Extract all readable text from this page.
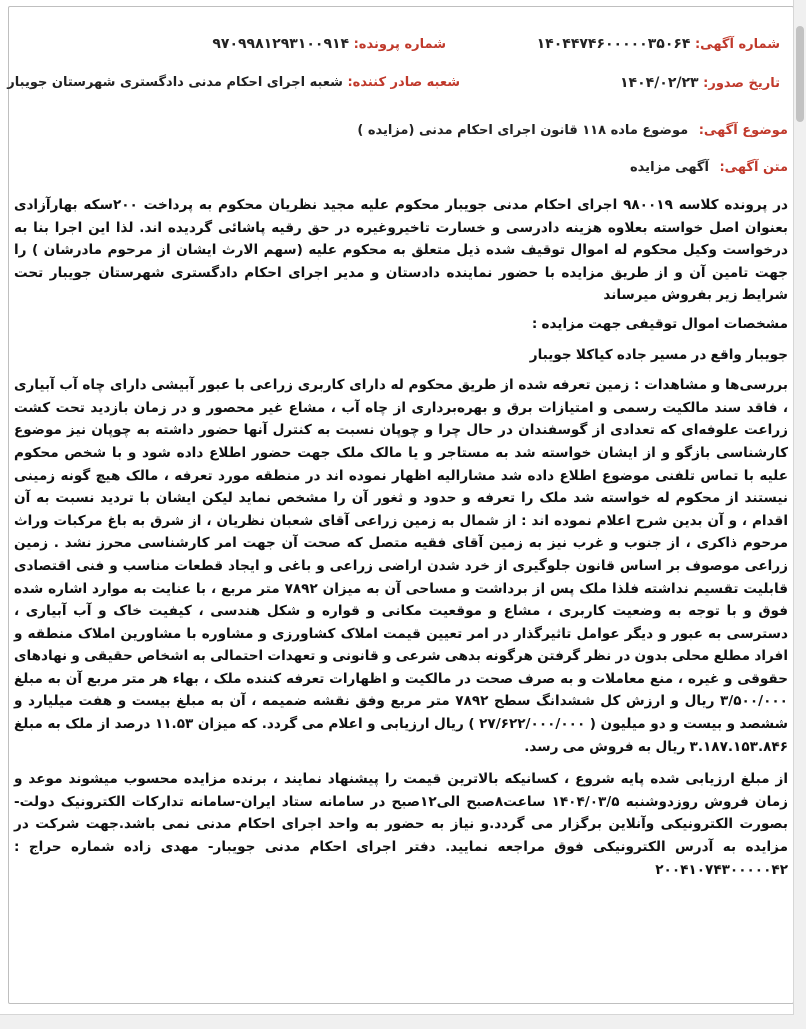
شماره آگهی: ۱۴۰۴۴۷۴۶۰۰۰۰۰۳۵۰۶۴
شماره پرونده: ۹۷۰۹۹۸۱۲۹۳۱۰۰۹۱۴
تاریخ صدور: ۱۴۰۴/۰۲/۲۳
شعبه صادر کننده: شعبه اجرای احکام مدنی دادگستری شهرستان جویبار
موضوع آگهی: موضوع ماده ۱۱۸ قانون اجرای احکام مدنی (مزایده )
متن آگهی: آگهی مزایده

در پرونده کلاسه ۹۸۰۰۱۹ اجرای احکام مدنی جویبار محکوم علیه مجید نظریان محکوم به پرداخت ۲۰۰سکه بهارآزادی بعنوان اصل خواسته بعلاوه هزینه دادرسی و خسارت تاخیروغیره در حق رقیه پاشائی گردیده اند. لذا این اجرا بنا به درخواست وکیل محکوم له اموال توقیف شده ذیل متعلق به محکوم علیه (سهم الارث ایشان از مرحوم مادرشان ) را جهت تامین آن و از طریق مزایده با حضور نماینده دادستان و مدیر اجرای احکام دادگستری شهرستان جویبار تحت شرایط زیر بفروش میرساند

مشخصات اموال توقیفی جهت مزایده :

جویبار واقع در مسیر جاده کیاکلا جویبار

بررسی‌ها و مشاهدات : زمین تعرفه شده از طریق محکوم له دارای کاربری زراعی با عبور آبیشی دارای چاه آب آبیاری ، فاقد سند مالکیت رسمی و امتیازات برق و بهره‌برداری از چاه آب ، مشاع غیر محصور و در زمان بازدید تحت کشت زراعت علوفه‌ای که تعدادی از گوسفندان در حال چرا و چوپان نسبت به کنترل آنها حضور داشته به چوپان نیز موضوع کارشناسی بازگو و از ایشان خواسته شد به مستاجر و یا مالک ملک جهت حضور اطلاع داده شود و با شخص محکوم علیه با تماس تلفنی موضوع اطلاع داده شد مشارالیه اظهار نموده اند در منطقه مورد تعرفه ، مالک هیچ گونه زمینی نیستند از محکوم له خواسته شد ملک را تعرفه و حدود و ثغور آن را مشخص نماید لیکن ایشان با تردید نسبت به آن اقدام ، و آن بدین شرح اعلام نموده اند : از شمال به زمین زراعی آقای شعبان نظریان ، از شرق به باغ مرکبات وراث مرحوم ذاکری ، از جنوب و غرب نیز به زمین آقای فقیه متصل که صحت آن جهت امر کارشناسی محرز نشد . زمین زراعی موصوف بر اساس قانون جلوگیری از خرد شدن اراضی زراعی و باغی و ایجاد قطعات مناسب و فنی اقتصادی قابلیت تقسیم نداشته فلذا ملک پس از برداشت و مساحی آن به میزان ۷۸۹۲ متر مربع ، با عنایت به موارد اشاره شده فوق و با توجه به وضعیت کاربری ، مشاع و موقعیت مکانی و قواره و شکل هندسی ، کیفیت خاک و آب آبیاری ، دسترسی به عبور و دیگر عوامل تاثیرگذار در امر تعیین قیمت املاک کشاورزی و مشاوره با مشاورین املاک منطقه و افراد مطلع محلی بدون در نظر گرفتن هرگونه بدهی شرعی و قانونی و تعهدات احتمالی به اشخاص حقیقی و نهادهای حقوقی و غیره ، منع معاملات و به صرف صحت در مالکیت و اظهارات تعرفه کننده ملک ، بهاء هر متر مربع آن به مبلغ ۳/۵۰۰/۰۰۰ ریال و ارزش کل ششدانگ سطح ۷۸۹۲ متر مربع وفق نقشه ضمیمه ، آن به مبلغ بیست و هفت میلیارد و ششصد و بیست و دو میلیون ( ۲۷/۶۲۲/۰۰۰/۰۰۰ ) ریال ارزیابی و اعلام می گردد. که میزان ۱۱.۵۳ درصد از ملک به مبلغ ۳.۱۸۷.۱۵۳.۸۴۶ ریال به فروش می رسد.

از مبلغ ارزیابی شده پایه شروع ، کسانیکه بالاترین قیمت را پیشنهاد نمایند ، برنده مزایده محسوب میشوند موعد و زمان فروش روزدوشنبه ۱۴۰۴/۰۳/۵ ساعت۸صبح الی۱۲صبح در سامانه ستاد ایران-سامانه تدارکات الکترونیک دولت-بصورت الکترونیکی وآنلاین برگزار می گردد.و نیاز به حضور به واحد اجرای احکام مدنی نمی باشد.جهت شرکت در مزایده به آدرس الکترونیکی فوق مراجعه نمایید. دفتر اجرای احکام مدنی جویبار- مهدی زاده شماره حراج : ۲۰۰۴۱۰۷۴۳۰۰۰۰۰۴۲
